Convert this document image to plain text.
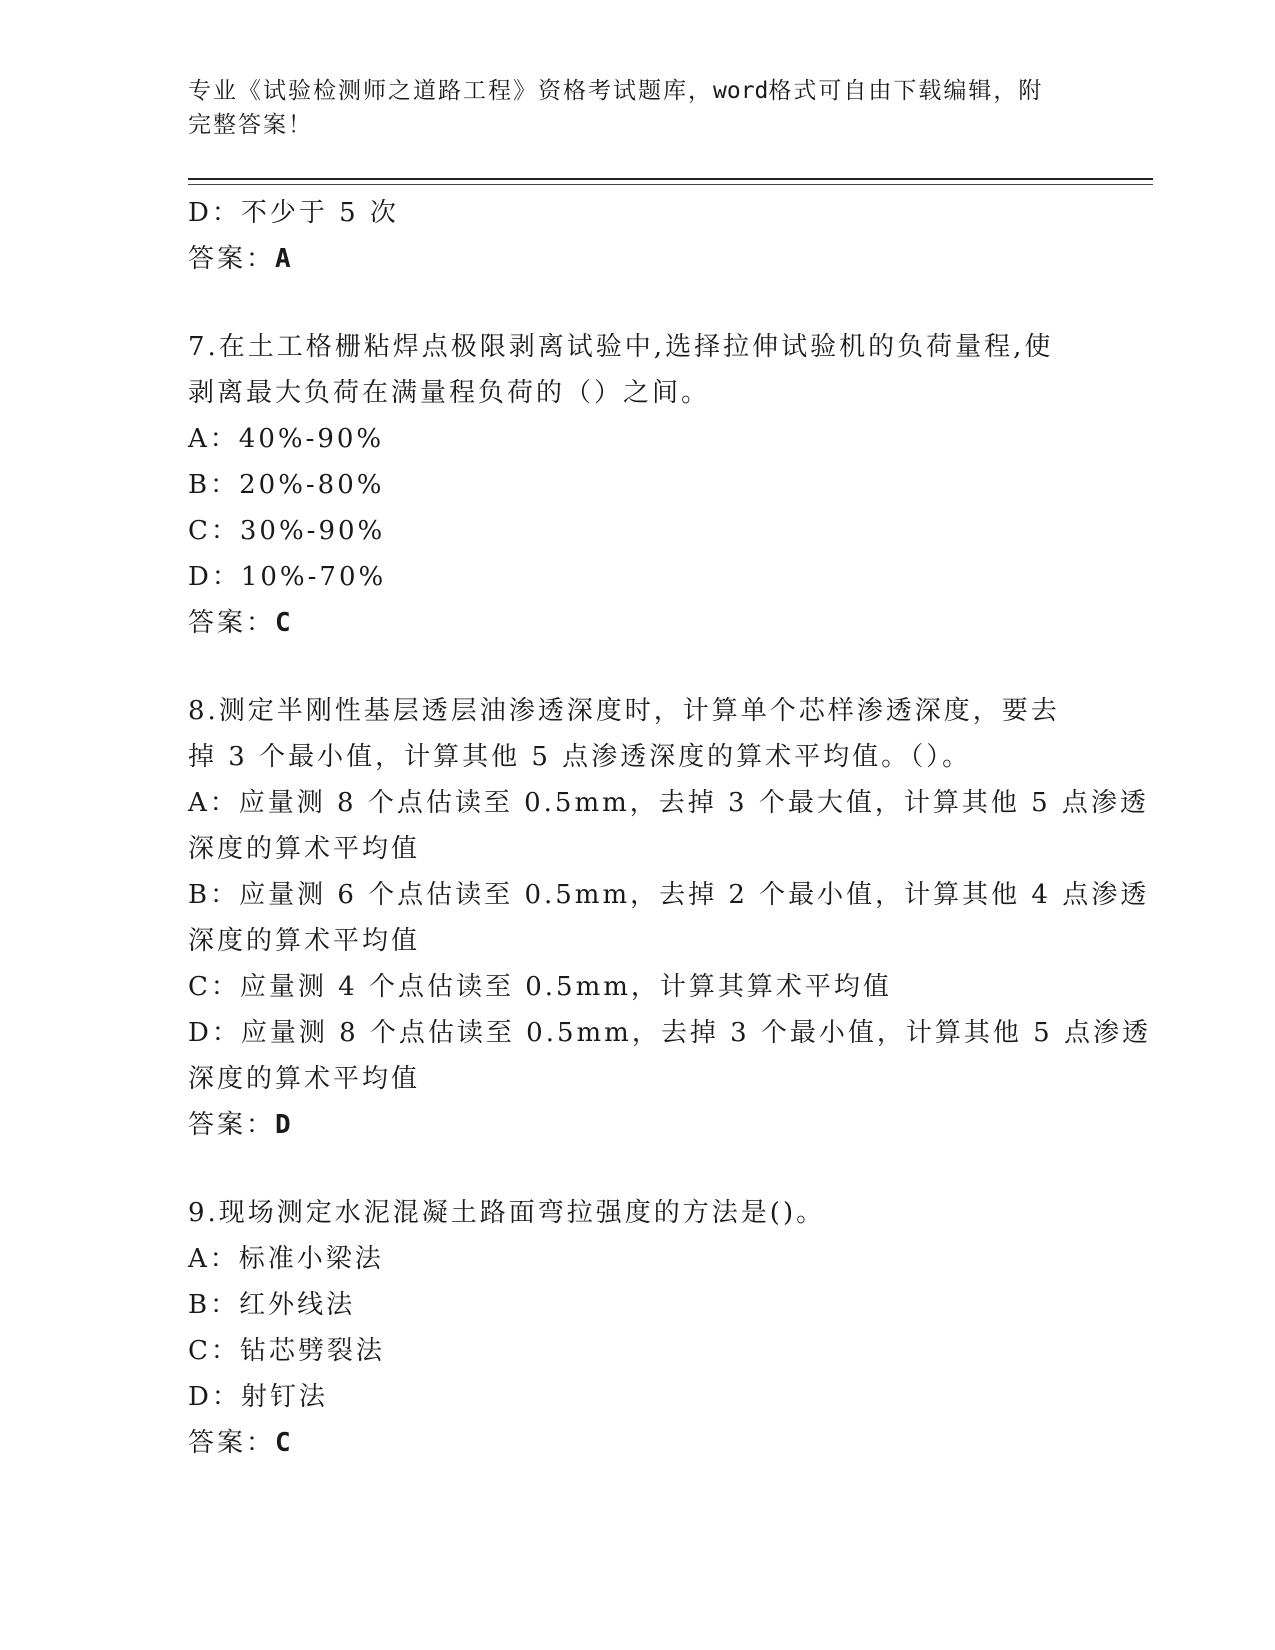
专业《试验检测师之道路工程》资格考试题库，word格式可自由下载编辑，附完整答案！
D：不少于 5 次
答案：A
7.在土工格栅粘焊点极限剥离试验中,选择拉伸试验机的负荷量程,使
剥离最大负荷在满量程负荷的（）之间。
A：40%-90%
B：20%-80%
C：30%-90%
D：10%-70%
答案：C
8.测定半刚性基层透层油渗透深度时，计算单个芯样渗透深度，要去
掉 3 个最小值，计算其他 5 点渗透深度的算术平均值。（）。
A：应量测 8 个点估读至 0.5mm，去掉 3 个最大值，计算其他 5 点渗透
深度的算术平均值
B：应量测 6 个点估读至 0.5mm，去掉 2 个最小值，计算其他 4 点渗透
深度的算术平均值
C：应量测 4 个点估读至 0.5mm，计算其算术平均值
D：应量测 8 个点估读至 0.5mm，去掉 3 个最小值，计算其他 5 点渗透
深度的算术平均值
答案：D
9.现场测定水泥混凝土路面弯拉强度的方法是()。
A：标准小梁法
B：红外线法
C：钻芯劈裂法
D：射钉法
答案：C
